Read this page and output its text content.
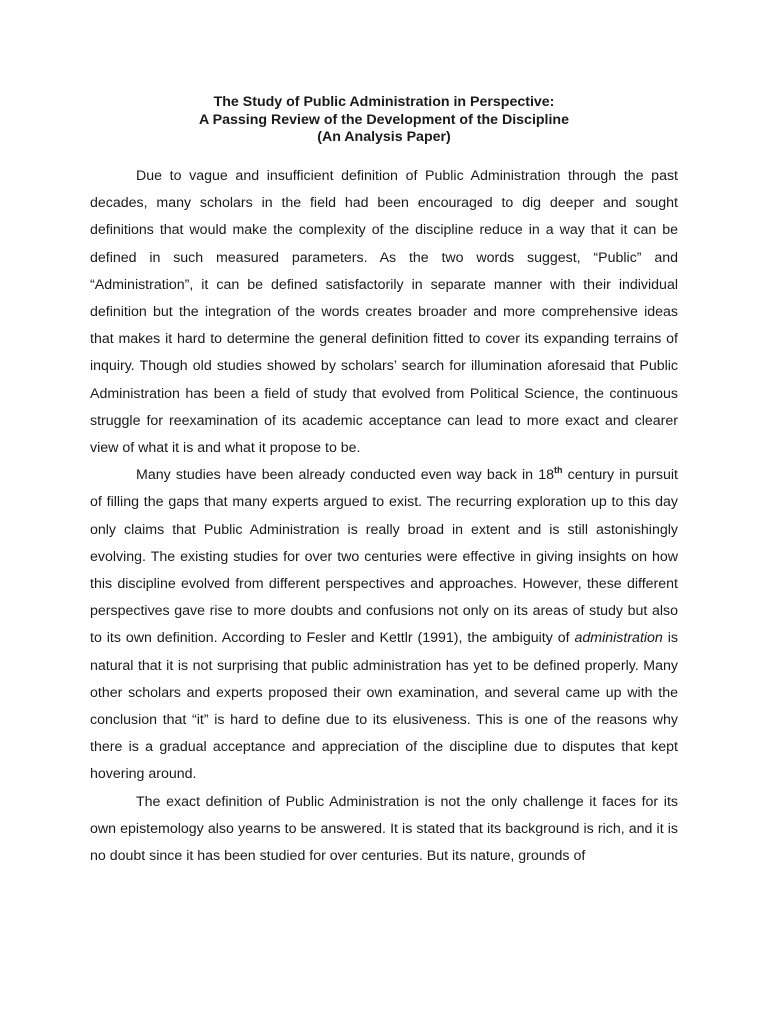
The Study of Public Administration in Perspective:
A Passing Review of the Development of the Discipline
(An Analysis Paper)

Due to vague and insufficient definition of Public Administration through the past decades, many scholars in the field had been encouraged to dig deeper and sought definitions that would make the complexity of the discipline reduce in a way that it can be defined in such measured parameters. As the two words suggest, “Public” and “Administration”, it can be defined satisfactorily in separate manner with their individual definition but the integration of the words creates broader and more comprehensive ideas that makes it hard to determine the general definition fitted to cover its expanding terrains of inquiry. Though old studies showed by scholars’ search for illumination aforesaid that Public Administration has been a field of study that evolved from Political Science, the continuous struggle for reexamination of its academic acceptance can lead to more exact and clearer view of what it is and what it propose to be.

Many studies have been already conducted even way back in 18th century in pursuit of filling the gaps that many experts argued to exist. The recurring exploration up to this day only claims that Public Administration is really broad in extent and is still astonishingly evolving. The existing studies for over two centuries were effective in giving insights on how this discipline evolved from different perspectives and approaches. However, these different perspectives gave rise to more doubts and confusions not only on its areas of study but also to its own definition. According to Fesler and Kettlr (1991), the ambiguity of administration is natural that it is not surprising that public administration has yet to be defined properly. Many other scholars and experts proposed their own examination, and several came up with the conclusion that “it” is hard to define due to its elusiveness. This is one of the reasons why there is a gradual acceptance and appreciation of the discipline due to disputes that kept hovering around.

The exact definition of Public Administration is not the only challenge it faces for its own epistemology also yearns to be answered. It is stated that its background is rich, and it is no doubt since it has been studied for over centuries. But its nature, grounds of
